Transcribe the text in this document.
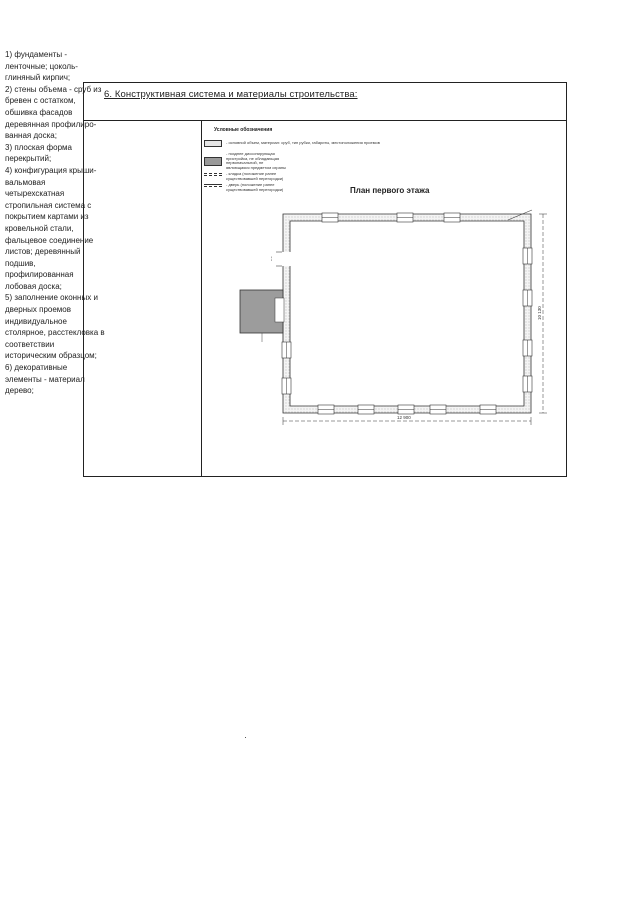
6. Конструктивная система и материалы строительства:
1) фундаменты -
ленточные; цоколь-
глиняный кирпич;
2) стены объема - сруб из
бревен с остатком,
обшивка фасадов
деревянная профилиро-
ванная доска;
3) плоская форма
перекрытий;
4) конфигурация крыши-
вальмовая
четырехскатная
стропильная система с
покрытием картами из
кровельной стали,
фальцевое соединение
листов; деревянный
подшив,
профилированная
лобовая доска;
5) заполнение оконных и
дверных проемов
индивидуальное
столярное, расстекловка в
соответствии
историческим образцом;
6) декоративные
элементы - материал
дерево;
Условные обозначения
- основной объем, материал: сруб, тип рубки, габариты, местоположения проемов
- позднее диссонирующая пристройка, не обладающая первоначальной, не являющаяся предметом охраны
- кладка (положение ранее существовавшей перегородки)
- дверь (положение ранее существовавшей перегородки)	План первого этажа
¦
12 900
10 130
